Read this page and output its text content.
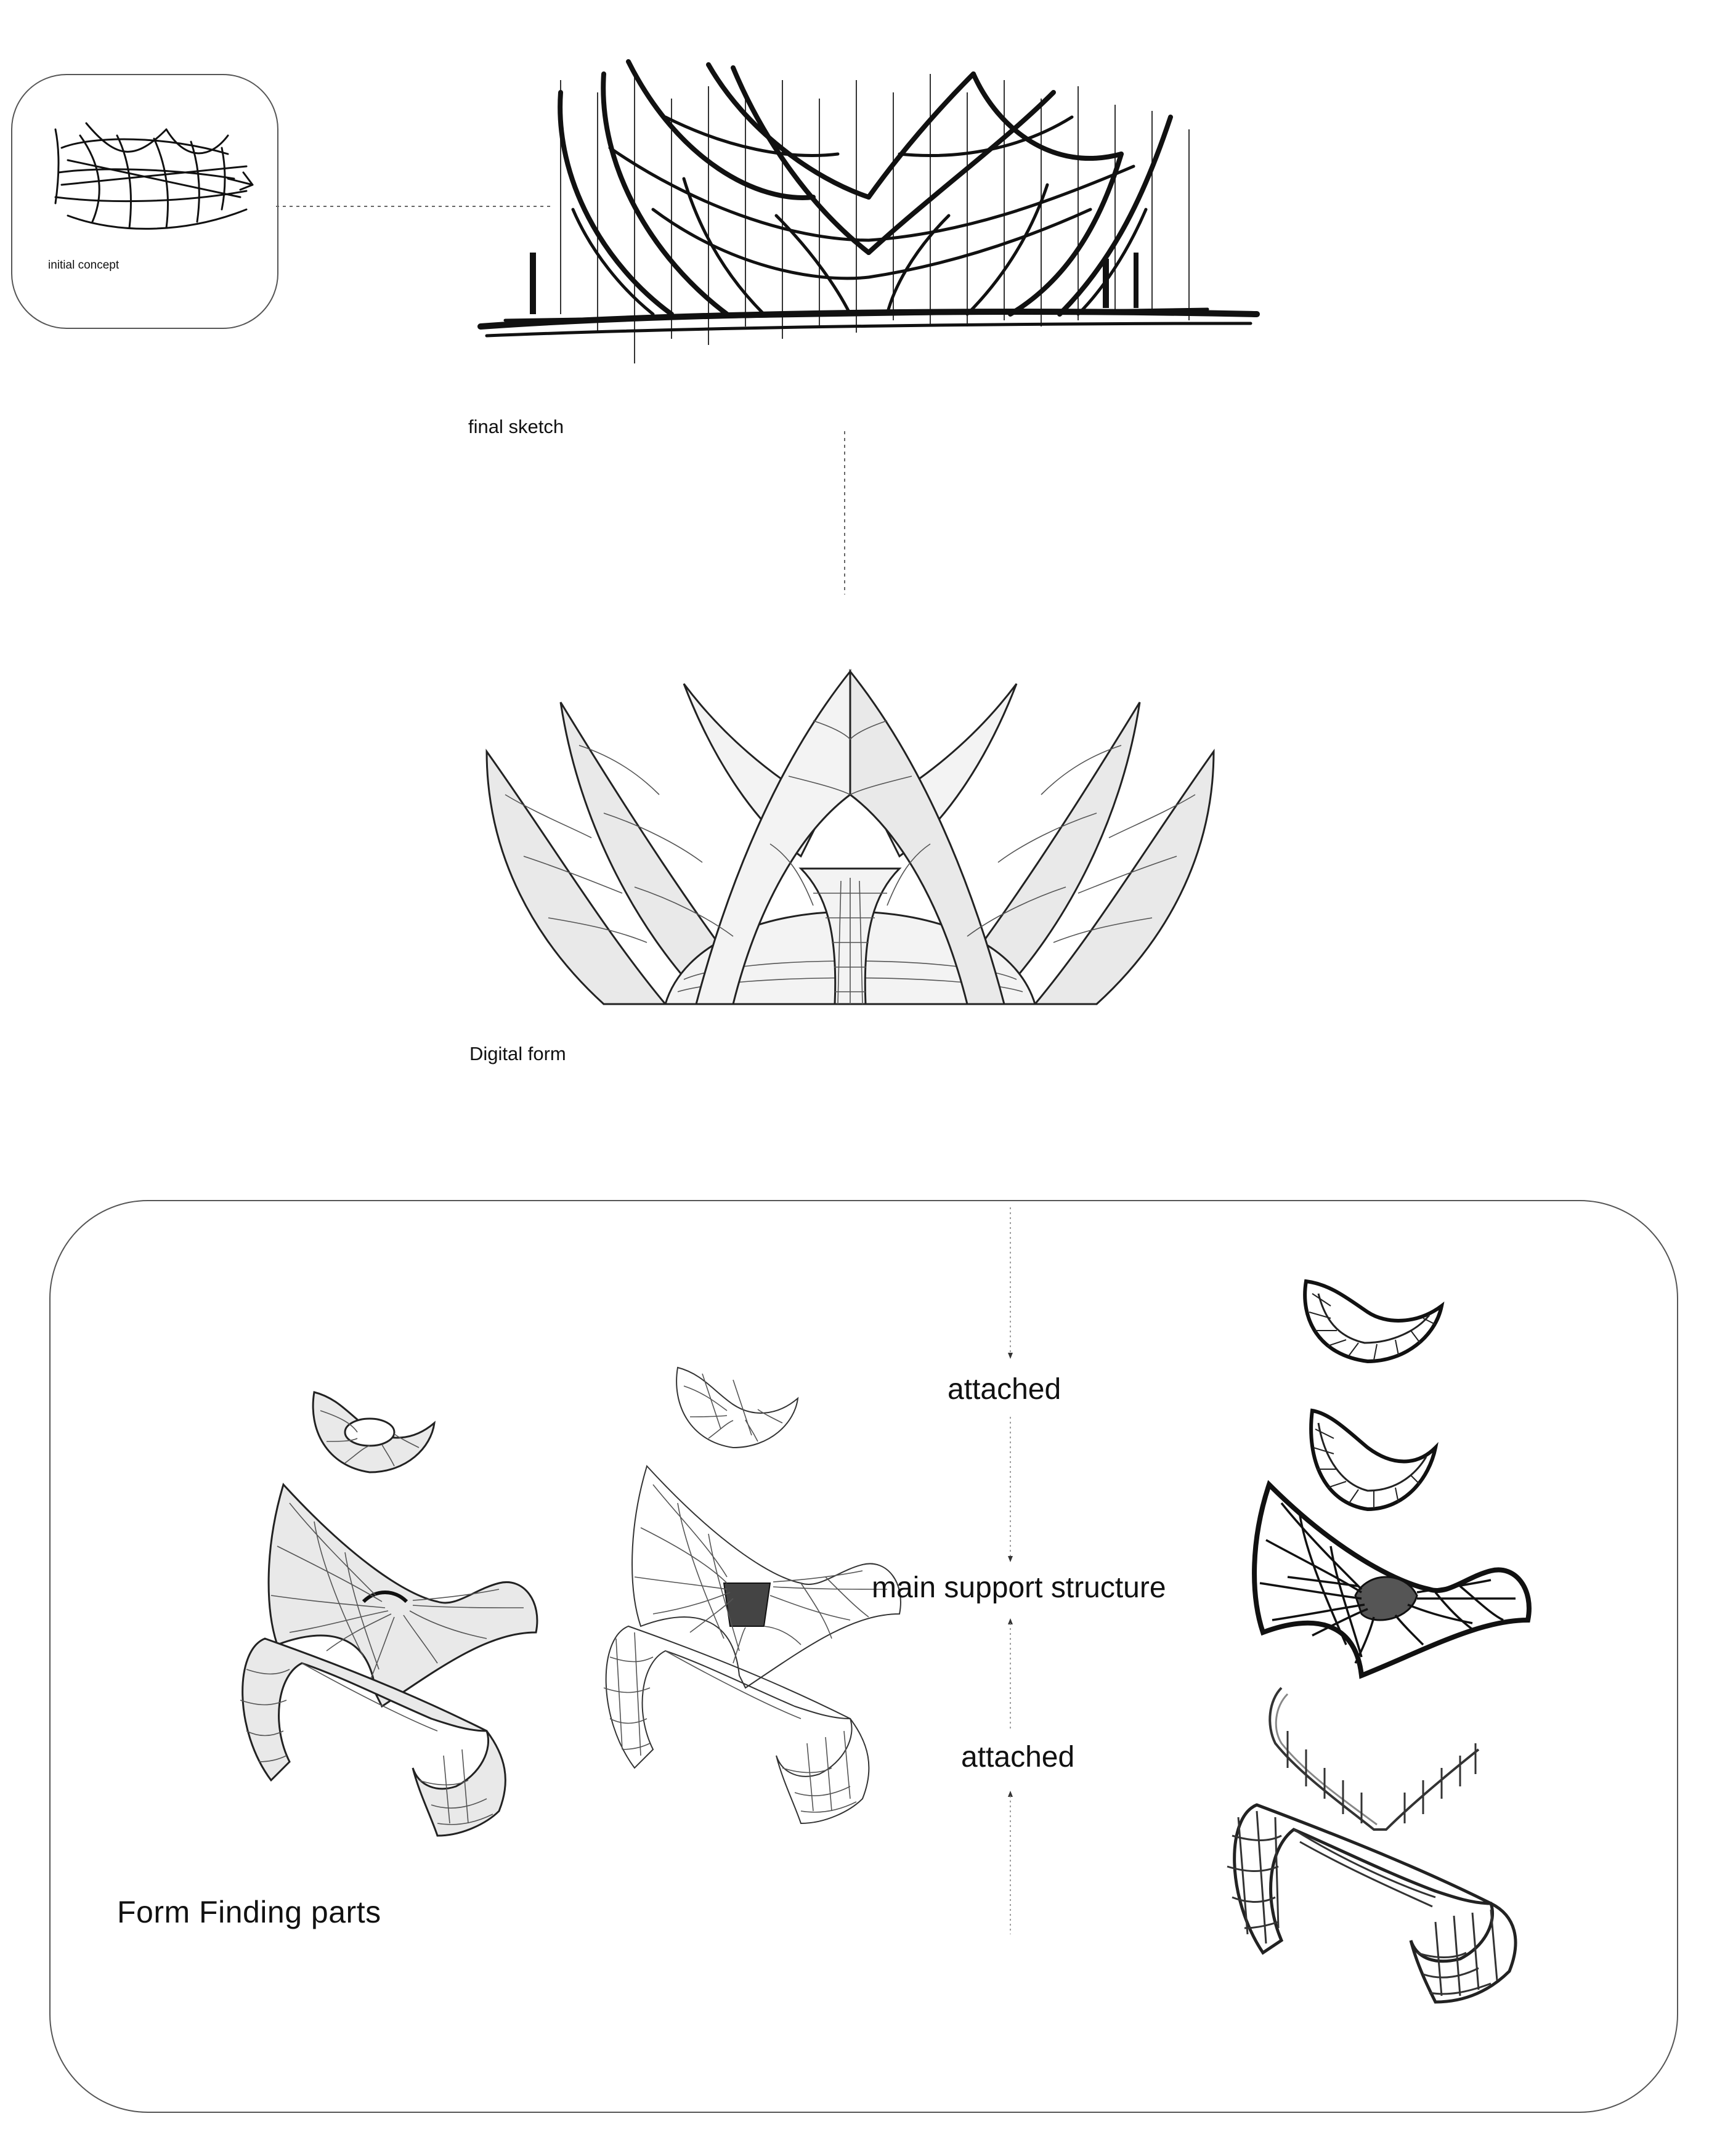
initial concept
final sketch
Digital form
attached
main support structure
attached
Form Finding parts
